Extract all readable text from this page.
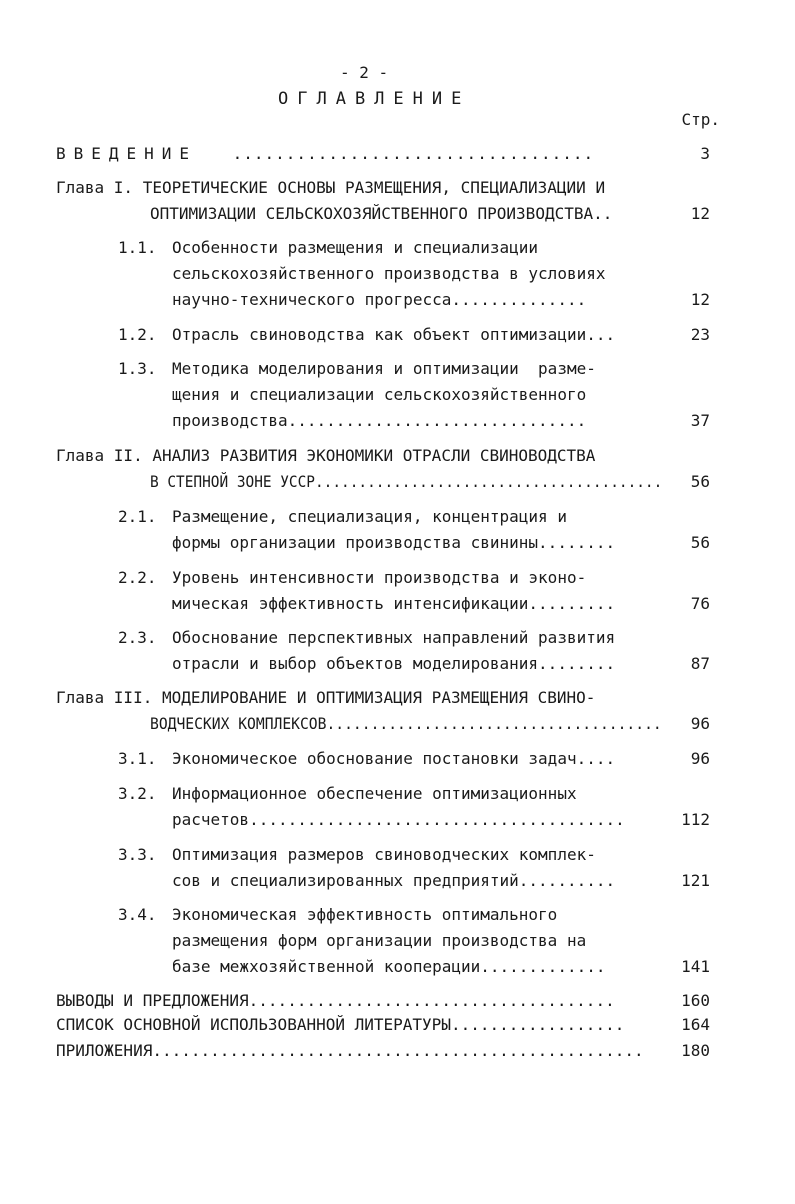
- 2 -
ОГЛАВЛЕНИЕ
Стр.
ВВЕДЕНИЕ ..................................	3
Глава I. ТЕОРЕТИЧЕСКИЕ ОСНОВЫ РАЗМЕЩЕНИЯ, СПЕЦИАЛИЗАЦИИ И
ОПТИМИЗАЦИИ СЕЛЬСКОХОЗЯЙСТВЕННОГО ПРОИЗВОДСТВА..	12
1.1. Особенности размещения и специализации
сельскохозяйственного производства в условиях
научно-технического прогресса..............	12
1.2. Отрасль свиноводства как объект оптимизации...	23
1.3. Методика моделирования и оптимизации  разме-
щения и специализации сельскохозяйственного
производства...............................	37
Глава II. АНАЛИЗ РАЗВИТИЯ ЭКОНОМИКИ ОТРАСЛИ СВИНОВОДСТВА
В СТЕПНОЙ ЗОНЕ УССР........................................	56
2.1. Размещение, специализация, концентрация и
формы организации производства свинины........	56
2.2. Уровень интенсивности производства и эконо-
мическая эффективность интенсификации.........	76
2.3. Обоснование перспективных направлений развития
отрасли и выбор объектов моделирования........	87
Глава III. МОДЕЛИРОВАНИЕ И ОПТИМИЗАЦИЯ РАЗМЕЩЕНИЯ СВИНО-
ВОДЧЕСКИХ КОМПЛЕКСОВ......................................	96
3.1. Экономическое обоснование постановки задач....	96
3.2. Информационное обеспечение оптимизационных
расчетов.......................................	112
3.3. Оптимизация размеров свиноводческих комплек-
сов и специализированных предприятий..........	121
3.4. Экономическая эффективность оптимального
размещения форм организации производства на
базе межхозяйственной кооперации.............	141
ВЫВОДЫ И ПРЕДЛОЖЕНИЯ......................................	160
СПИСОК ОСНОВНОЙ ИСПОЛЬЗОВАННОЙ ЛИТЕРАТУРЫ..................	164
ПРИЛОЖЕНИЯ...................................................	180
